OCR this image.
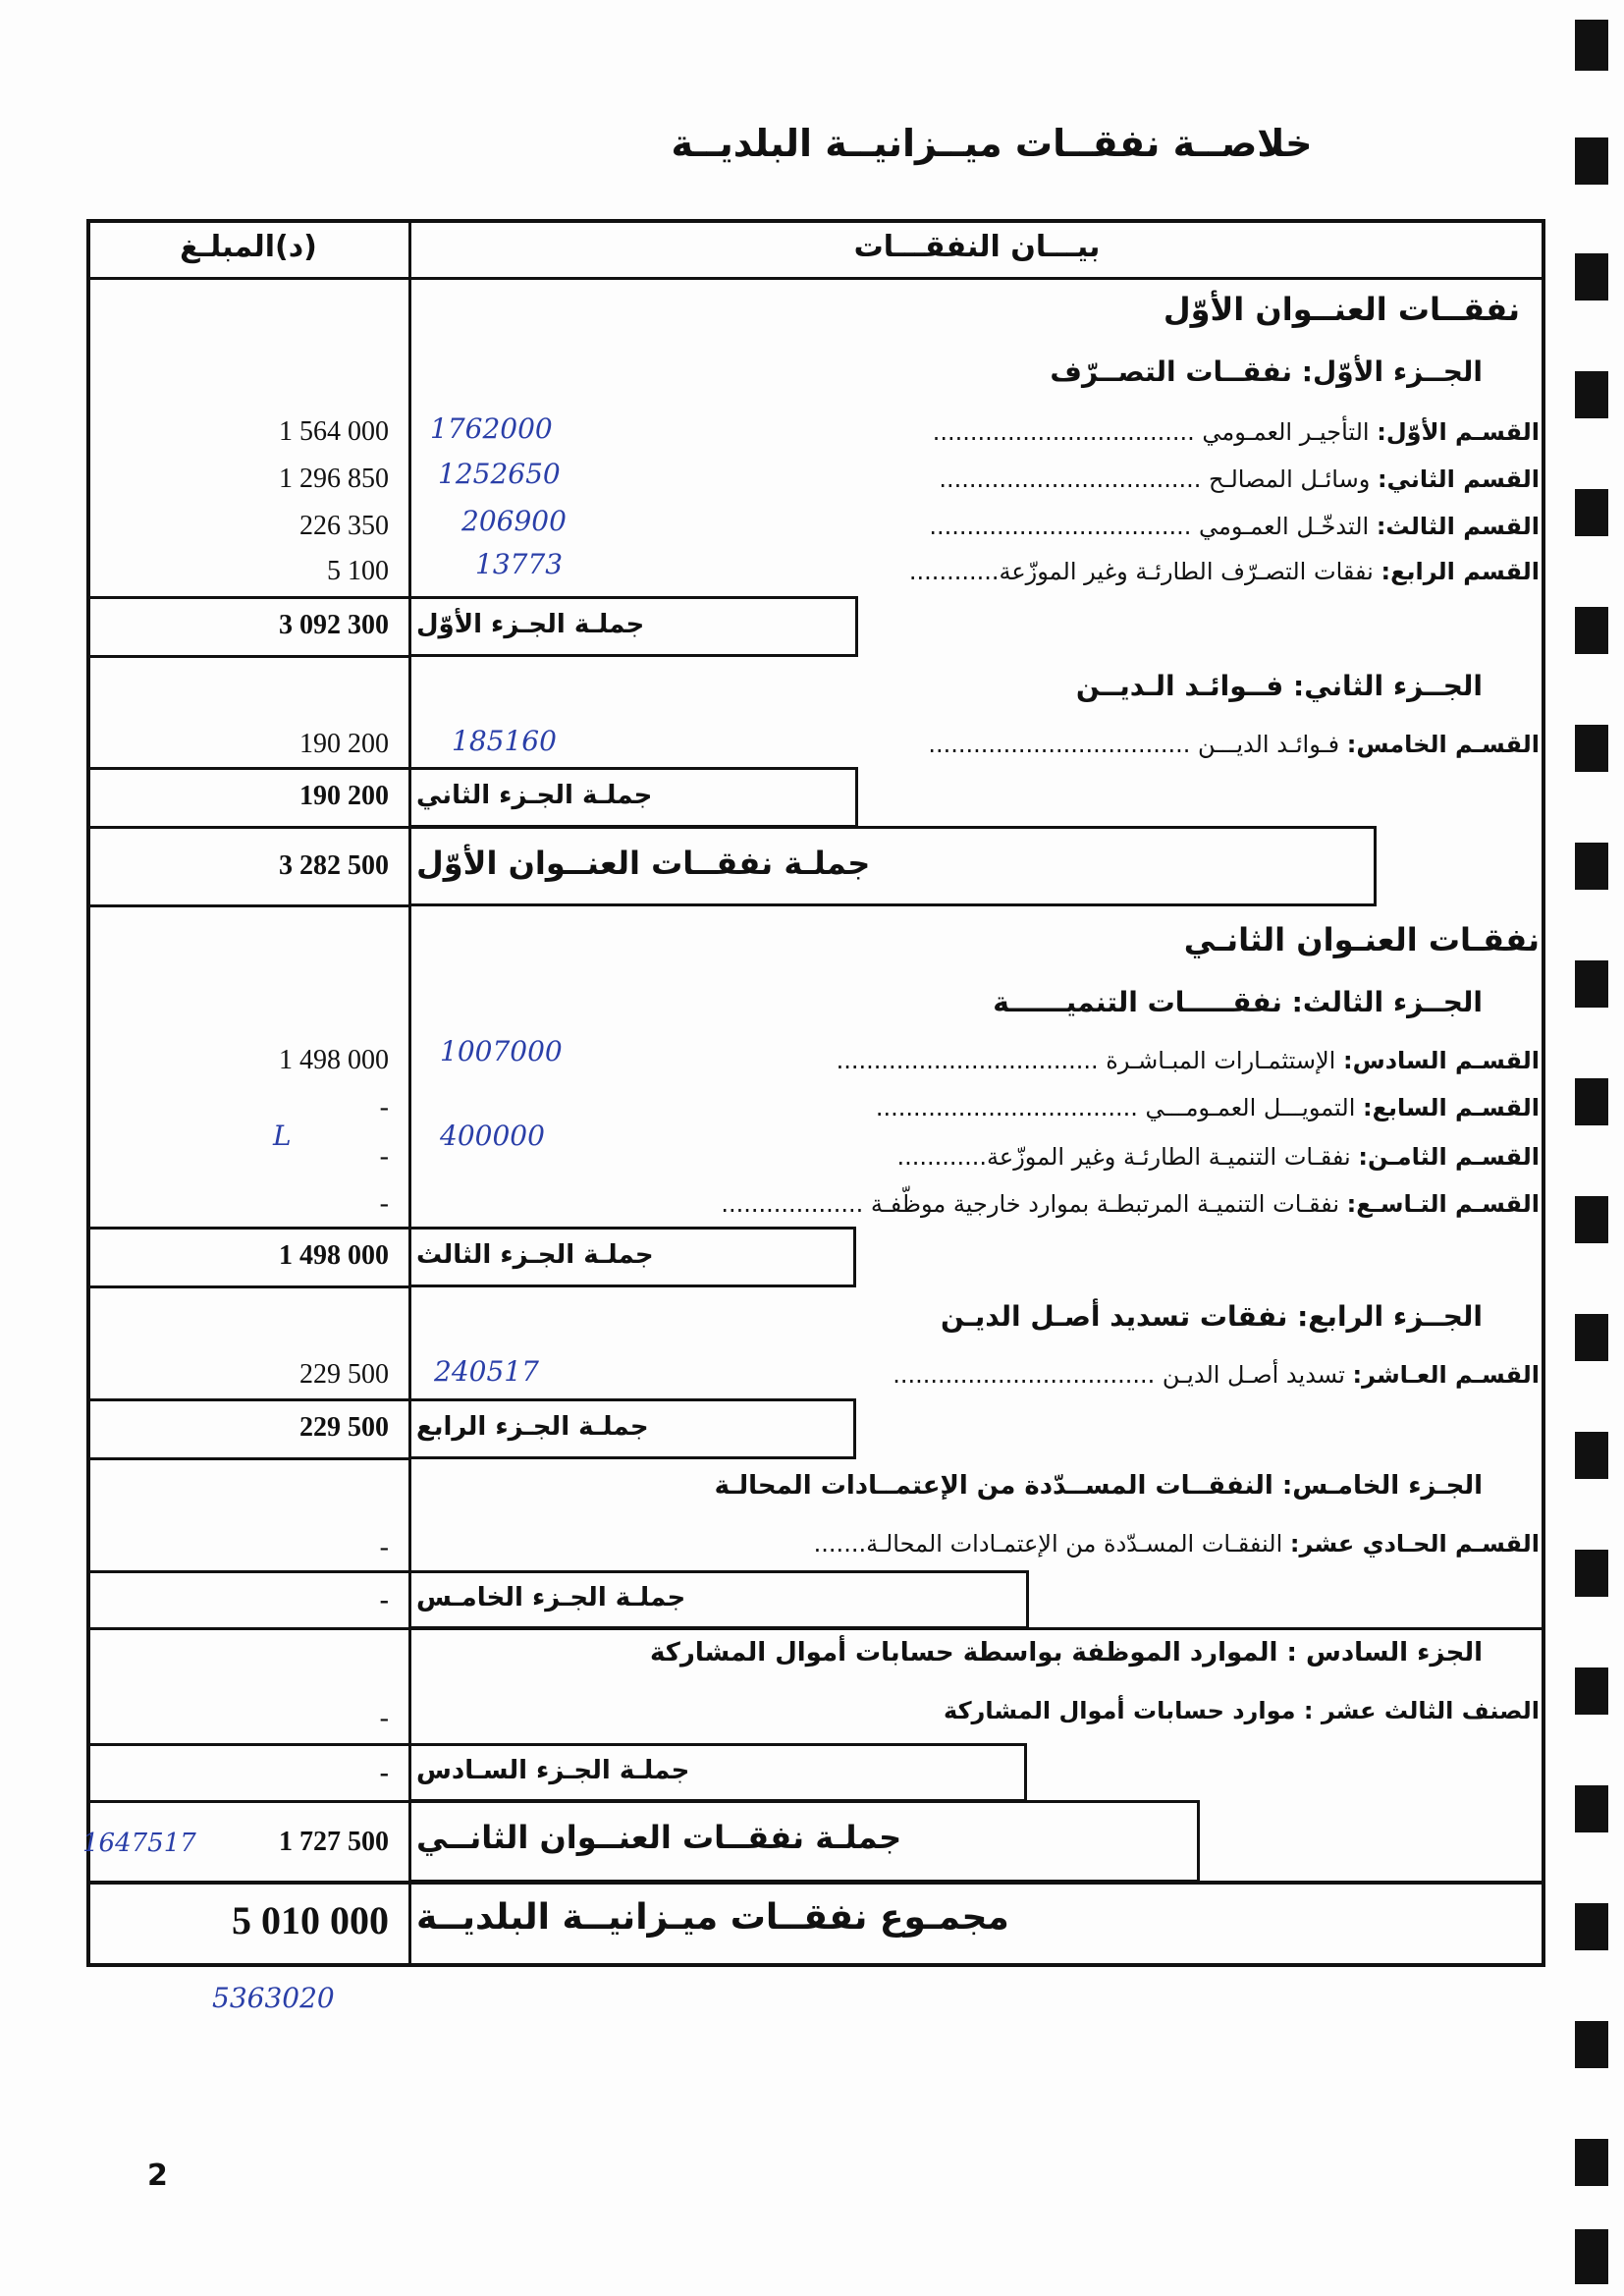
خلاصــة نفقــات ميــزانيــة البلديــة
بيـــان النفقـــات
(د)المبلـغ
نفقــات العنــوان الأوّل
الجــزء الأوّل: نفقــات التصــرّف
القسـم الأوّل: التأجيـر العمـومي ...................................
1 564 000 1762000
القسم الثاني: وسائـل المصالـح ...................................
1 296 850 1252650
القسم الثالث: التدخّـل العمـومي ...................................
226 350	206900
القسم الرابع: نفقات التصـرّف الطارئـة وغير الموزّعة............
5 100	13773
جملـة الجـزء الأوّل
3 092 300
الجــزء الثاني: فــوائـد الـديــن
القسـم الخامس: فـوائـد الديـــن ...................................
190 200 185160
جملـة الجـزء الثاني
190 200
جملـة نفقــات العنــوان الأوّل
3 282 500
نفقـات العنـوان الثانـي
الجــزء الثالث: نفقـــــات التنميــــــة
القسـم السادس: الإستثمـارات المبـاشـرة ...................................
1 498 000 1007000
القسـم السابع: التمويـــل العمـومـــي ...................................
-
400000
القسـم الثامـن: نفقـات التنميـة الطارئـة وغير الموزّعة............
-
L
القسـم التـاسـع: نفقـات التنميـة المرتبطـة بموارد خارجية موظّفـة ...................
-
جملـة الجـزء الثالث
1 498 000
الجــزء الرابع: نفقات تسديد أصـل الديـن
القسـم العـاشر: تسديد أصـل الديـن ...................................
229 500 240517
جملـة الجـزء الرابع
229 500
الجـزء الخامـس: النفقــات المســدّدة من الإعتمــادات المحالـة
القسـم الحـادي عشر: النفقـات المسـدّدة من الإعتمـادات المحالـة.......
-
جملـة الجـزء الخامـس
-
الجزء السادس : الموارد الموظفة بواسطة حسابات أموال المشاركة
الصنف الثالث عشر : موارد حسابات أموال المشاركة
-
جملـة الجـزء السـادس
-
جملـة نفقــات العنــوان الثانــي
1 727 500
1647517
مجمـوع نفقــات ميـزانيــة البلديــة
5 010 000
5363020
2
